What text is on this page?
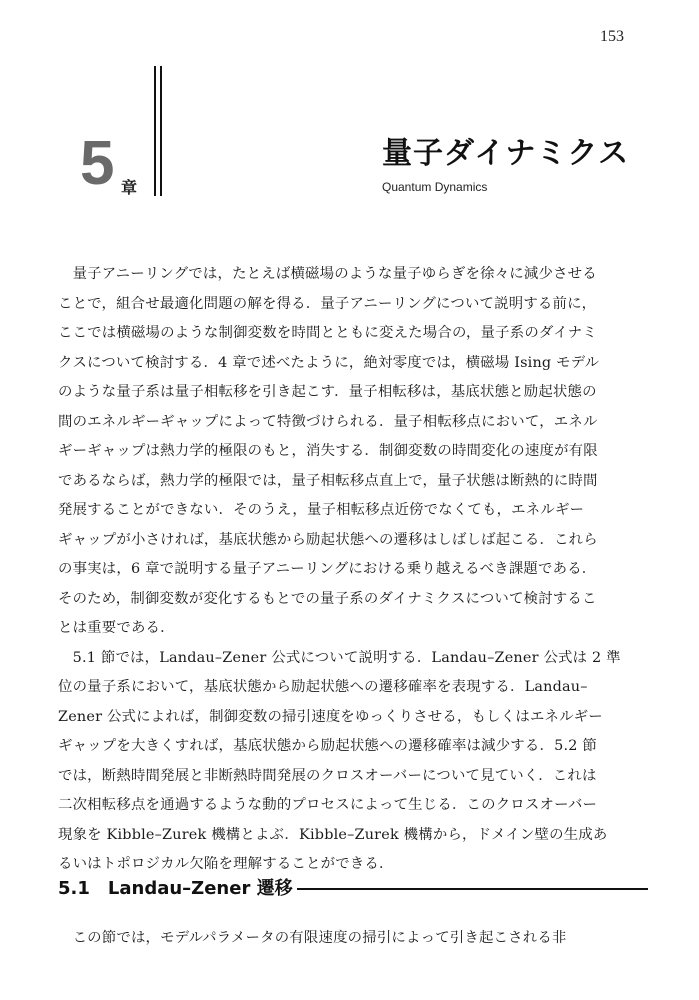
153
5 章
量子ダイナミクス
Quantum Dynamics
　量子アニーリングでは，たとえば横磁場のような量子ゆらぎを徐々に減少させる
ことで，組合せ最適化問題の解を得る．量子アニーリングについて説明する前に，
ここでは横磁場のような制御変数を時間とともに変えた場合の，量子系のダイナミ
クスについて検討する．4 章で述べたように，絶対零度では，横磁場 Ising モデル
のような量子系は量子相転移を引き起こす．量子相転移は，基底状態と励起状態の
間のエネルギーギャップによって特徴づけられる．量子相転移点において，エネル
ギーギャップは熱力学的極限のもと，消失する．制御変数の時間変化の速度が有限
であるならば，熱力学的極限では，量子相転移点直上で，量子状態は断熱的に時間
発展することができない．そのうえ，量子相転移点近傍でなくても，エネルギー
ギャップが小さければ，基底状態から励起状態への遷移はしばしば起こる．これら
の事実は，6 章で説明する量子アニーリングにおける乗り越えるべき課題である．
そのため，制御変数が変化するもとでの量子系のダイナミクスについて検討するこ
とは重要である．
　5.1 節では，Landau–Zener 公式について説明する．Landau–Zener 公式は 2 準
位の量子系において，基底状態から励起状態への遷移確率を表現する．Landau–
Zener 公式によれば，制御変数の掃引速度をゆっくりさせる，もしくはエネルギー
ギャップを大きくすれば，基底状態から励起状態への遷移確率は減少する．5.2 節
では，断熱時間発展と非断熱時間発展のクロスオーバーについて見ていく．これは
二次相転移点を通過するような動的プロセスによって生じる．このクロスオーバー
現象を Kibble–Zurek 機構とよぶ．Kibble–Zurek 機構から，ドメイン壁の生成あ
るいはトポロジカル欠陥を理解することができる．
5.1　Landau–Zener 遷移
　この節では，モデルパラメータの有限速度の掃引によって引き起こされる非
